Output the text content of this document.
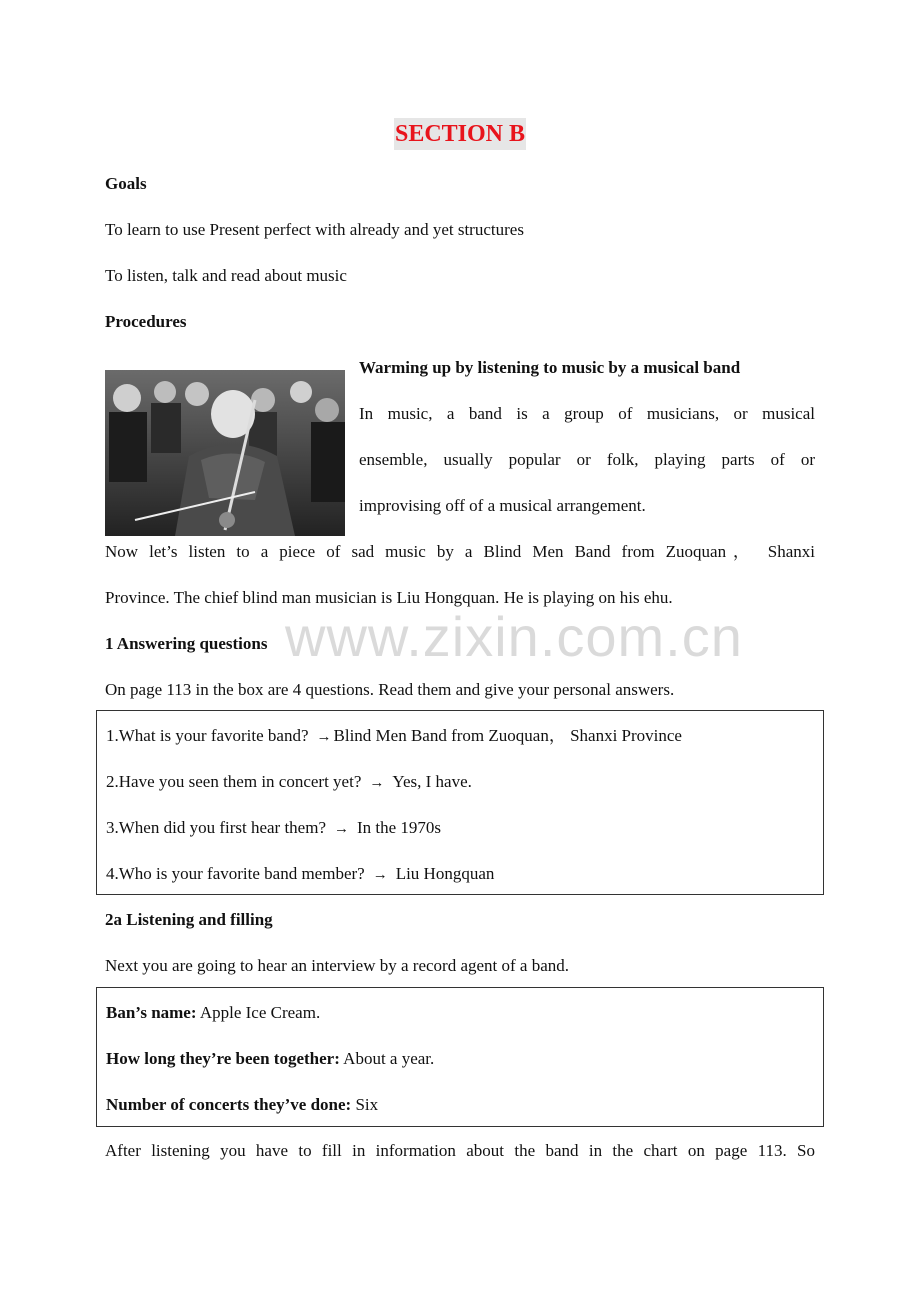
SECTION B
Goals
To learn to use Present perfect with already and yet structures
To listen, talk and read about music
Procedures
Warming up by listening to music by a musical band
In music, a band is a group of musicians, or musical
ensemble, usually popular or folk, playing parts of or
improvising off of a musical arrangement.
Now let’s listen to a piece of sad music by a Blind Men Band from Zuoquan， Shanxi
Province. The chief blind man musician is Liu Hongquan. He is playing on his ehu.
1 Answering questions
On page 113 in the box are 4 questions. Read them and give your personal answers.
1.What is your favorite band? → Blind Men Band from Zuoquan， Shanxi Province
2.Have you seen them in concert yet? → Yes, I have.
3.When did you first hear them? → In the 1970s
4.Who is your favorite band member? → Liu Hongquan
2a Listening and filling
Next you are going to hear an interview by a record agent of a band.
Ban’s name: Apple Ice Cream.
How long they’re been together: About a year.
Number of concerts they’ve done: Six
After listening you have to fill in information about the band in the chart on page 113. So
www.zixin.com.cn
